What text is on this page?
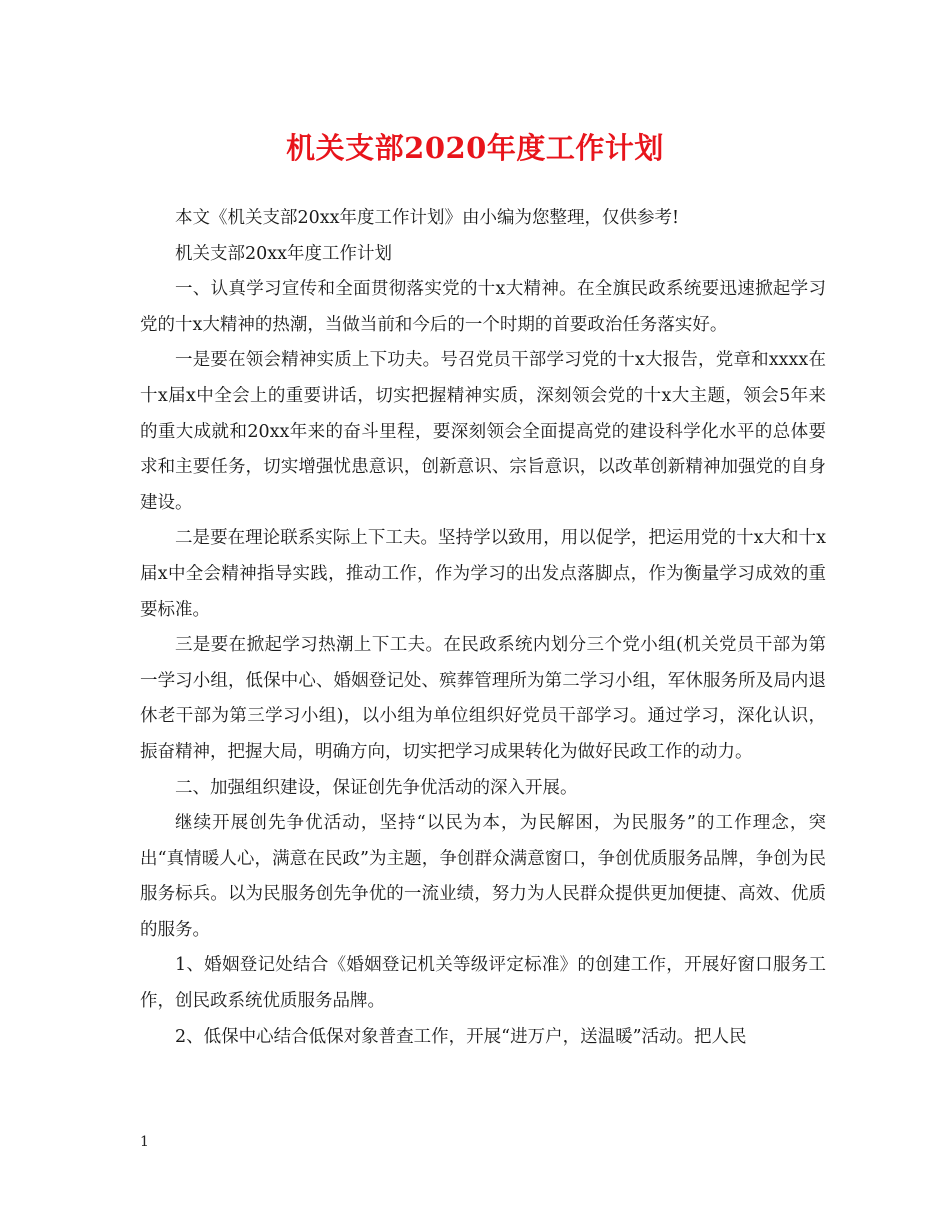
机关支部2020年度工作计划

本文《机关支部20xx年度工作计划》由小编为您整理，仅供参考!

机关支部20xx年度工作计划

一、认真学习宣传和全面贯彻落实党的十x大精神。在全旗民政系统要迅速掀起学习党的十x大精神的热潮，当做当前和今后的一个时期的首要政治任务落实好。

一是要在领会精神实质上下功夫。号召党员干部学习党的十x大报告，党章和xxxx在十x届x中全会上的重要讲话，切实把握精神实质，深刻领会党的十x大主题，领会5年来的重大成就和20xx年来的奋斗里程，要深刻领会全面提高党的建设科学化水平的总体要求和主要任务，切实增强忧患意识，创新意识、宗旨意识，以改革创新精神加强党的自身建设。

二是要在理论联系实际上下工夫。坚持学以致用，用以促学，把运用党的十x大和十x届x中全会精神指导实践，推动工作，作为学习的出发点落脚点，作为衡量学习成效的重要标准。

三是要在掀起学习热潮上下工夫。在民政系统内划分三个党小组(机关党员干部为第一学习小组，低保中心、婚姻登记处、殡葬管理所为第二学习小组，军休服务所及局内退休老干部为第三学习小组)，以小组为单位组织好党员干部学习。通过学习，深化认识，振奋精神，把握大局，明确方向，切实把学习成果转化为做好民政工作的动力。

二、加强组织建设，保证创先争优活动的深入开展。

继续开展创先争优活动，坚持“以民为本，为民解困，为民服务”的工作理念，突出“真情暖人心，满意在民政”为主题，争创群众满意窗口，争创优质服务品牌，争创为民服务标兵。以为民服务创先争优的一流业绩，努力为人民群众提供更加便捷、高效、优质的服务。

1、婚姻登记处结合《婚姻登记机关等级评定标准》的创建工作，开展好窗口服务工作，创民政系统优质服务品牌。

2、低保中心结合低保对象普查工作，开展“进万户，送温暖”活动。把人民

1
